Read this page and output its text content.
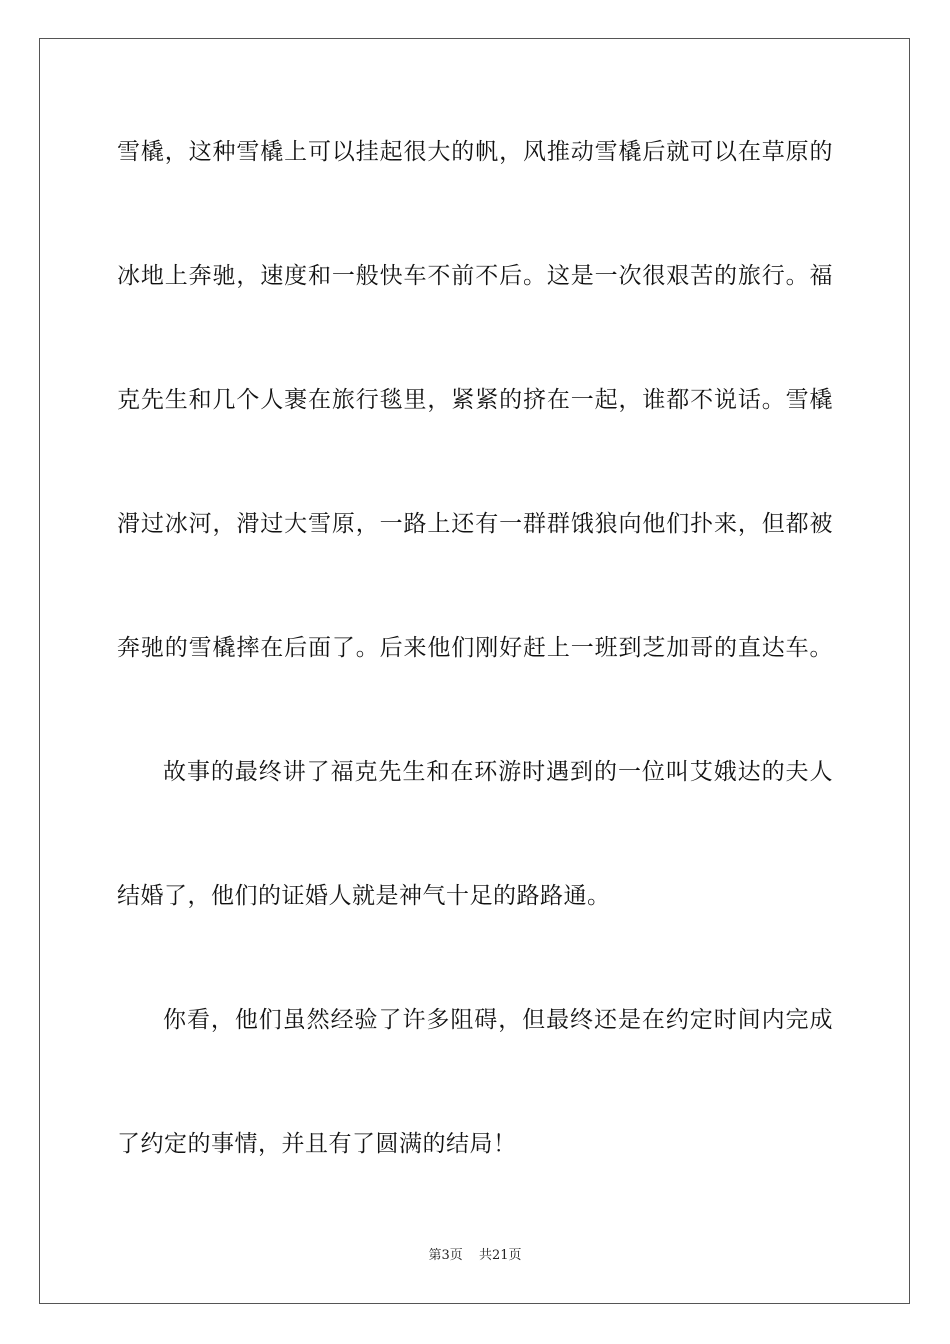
雪橇，这种雪橇上可以挂起很大的帆，风推动雪橇后就可以在草原的
冰地上奔驰，速度和一般快车不前不后。这是一次很艰苦的旅行。福
克先生和几个人裹在旅行毯里，紧紧的挤在一起，谁都不说话。雪橇
滑过冰河，滑过大雪原，一路上还有一群群饿狼向他们扑来，但都被
奔驰的雪橇摔在后面了。后来他们刚好赶上一班到芝加哥的直达车。
故事的最终讲了福克先生和在环游时遇到的一位叫艾娥达的夫人
结婚了，他们的证婚人就是神气十足的路路通。
你看，他们虽然经验了许多阻碍，但最终还是在约定时间内完成
了约定的事情，并且有了圆满的结局！
第3页 共21页
